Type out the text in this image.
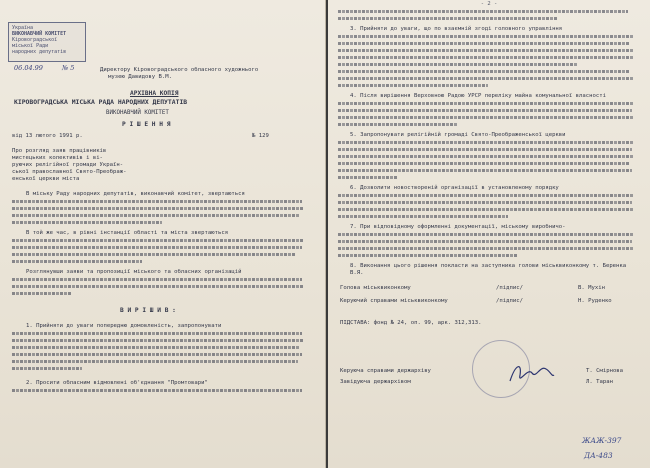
Україна
ВИКОНАВЧИЙ КОМІТЕТ
Кіровоградської
міської Ради
народних депутатів
06.04.99	№ 5	Директору Кіровоградського обласного художнього
музею Давидову В.М.
АРХІВНА КОПІЯ
КІРОВОГРАДСЬКА МІСЬКА РАДА НАРОДНИХ ДЕПУТАТІВ
ВИКОНАВЧИЙ КОМІТЕТ
Р І Ш Е Н Н Я
від 13 лютого 1991 р.	№ 129
Про розгляд заяв працівників
мистецьких колективів і ві-
руючих релігійної громади Україн-
ської православної Свято-Преображ-
енської церкви міста
В міську Раду народних депутатів, виконавчий комітет, звертаються
В той же час, в рівні інстанції області та міста звертаються
Розглянувши заяви та пропозиції міського та обласних організацій
В И Р І Ш И В :
1. Прийняти до уваги попередню домовленість, запропонувати
2. Просити обласним відмовлені об'єднання "Промтовари"
- 2 -
3. Прийняти до уваги, що по взаємній згоді головного управління
4. Після вирішення Верховною Радою УРСР переліку майна комунальної власності
5. Запропонувати релігійній громаді Свято-Преображенської церкви
6. Дозволити новоствореній організації в установленому порядку
7. При відповідному оформленні документації, міському виробничо-
8. Виконання цього рішення покласти на заступника голови міськвиконкому т. Беренка В.Я.
Голова міськвиконкому	/підпис/	В. Мухін
Керуючий справами міськвиконкому	/підпис/	Н. Руденко
ПІДСТАВА: фонд № 24, оп. 99, арк. 312,313.
Керуюча справами держархіву	Т. Смірнова
Завідуюча держархівом	Л. Таран
ЖАЖ-397
ДА-483
